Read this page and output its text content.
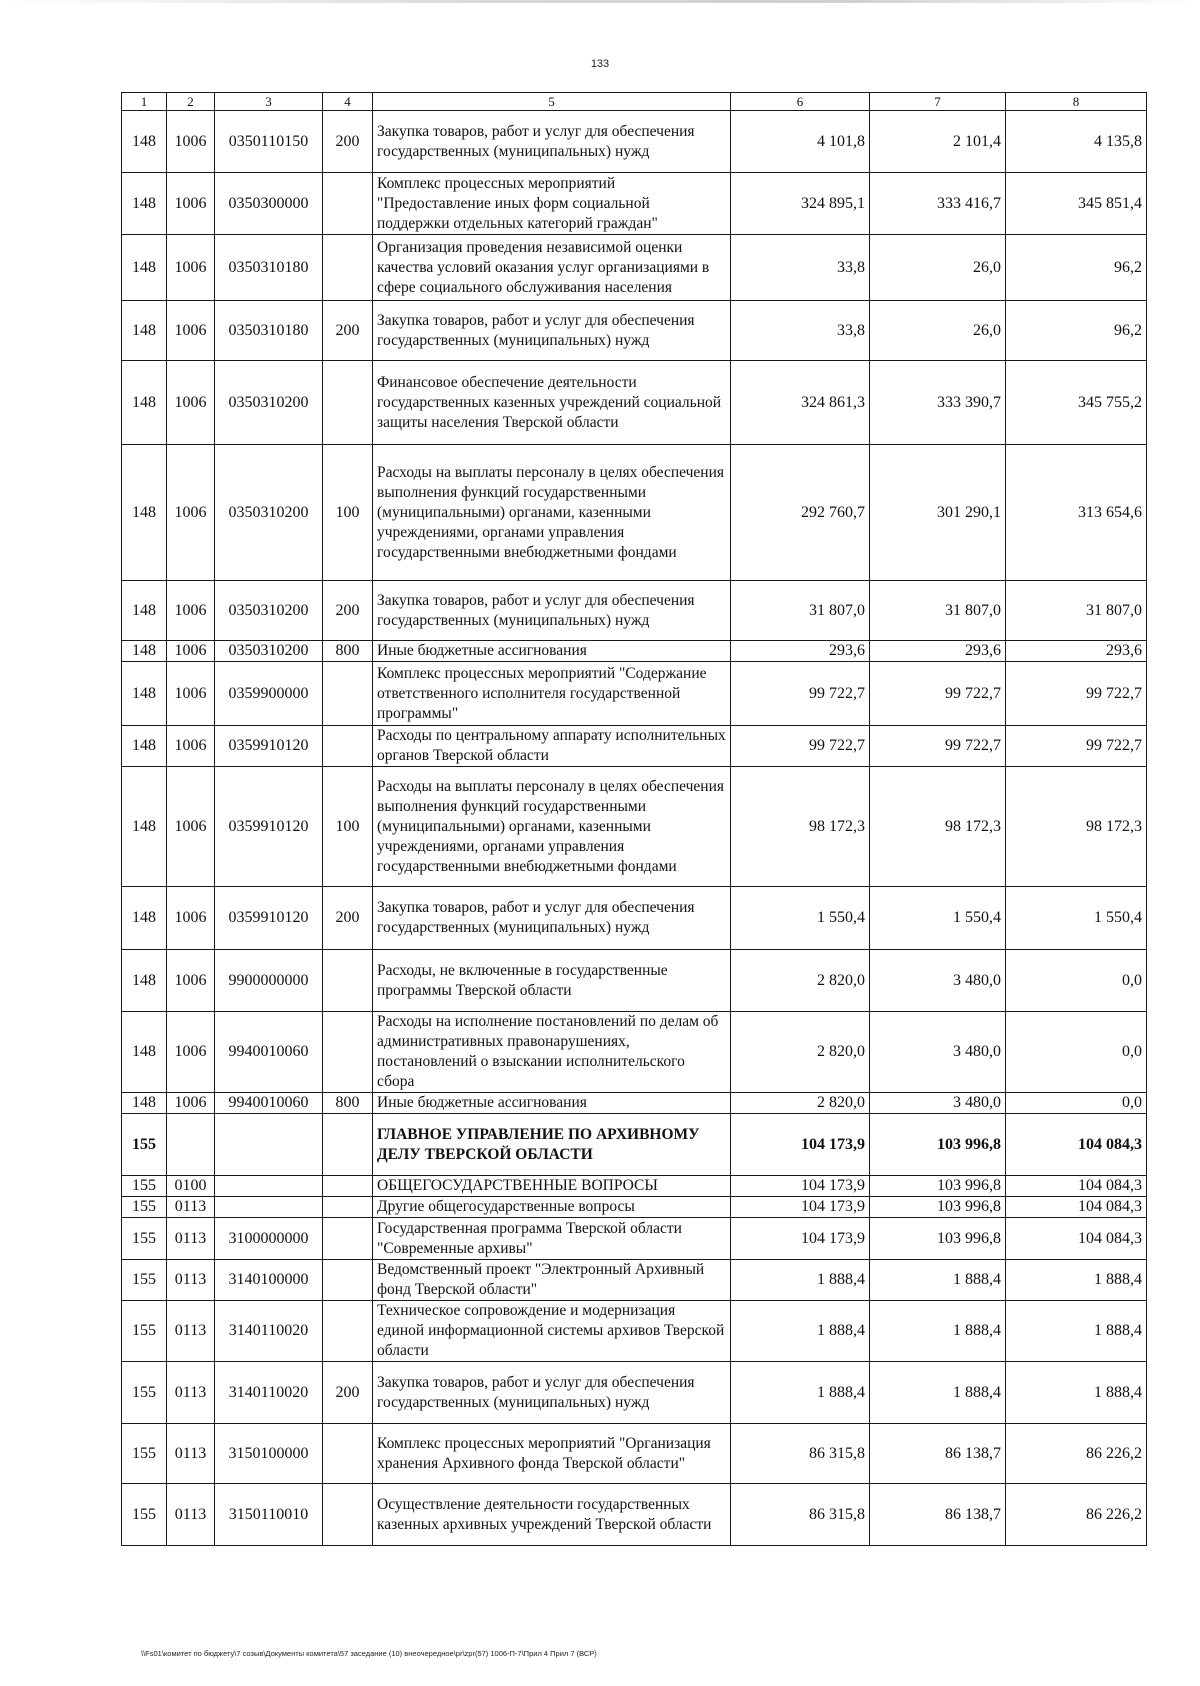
133
1	2	3	4	5	6	7	8
148	1006	0350110150	200	Закупка товаров, работ и услуг для обеспечения государственных (муниципальных) нужд	4 101,8	2 101,4	4 135,8
148	1006	0350300000		Комплекс процессных мероприятий "Предоставление иных форм социальной поддержки отдельных категорий граждан"	324 895,1	333 416,7	345 851,4
148	1006	0350310180		Организация проведения независимой оценки качества условий оказания услуг организациями в сфере социального обслуживания населения	33,8	26,0	96,2
148	1006	0350310180	200	Закупка товаров, работ и услуг для обеспечения государственных (муниципальных) нужд	33,8	26,0	96,2
148	1006	0350310200		Финансовое обеспечение деятельности государственных казенных учреждений социальной защиты населения Тверской области	324 861,3	333 390,7	345 755,2
148	1006	0350310200	100	Расходы на выплаты персоналу в целях обеспечения выполнения функций государственными (муниципальными) органами, казенными учреждениями, органами управления государственными внебюджетными фондами	292 760,7	301 290,1	313 654,6
148	1006	0350310200	200	Закупка товаров, работ и услуг для обеспечения государственных (муниципальных) нужд	31 807,0	31 807,0	31 807,0
148	1006	0350310200	800	Иные бюджетные ассигнования	293,6	293,6	293,6
148	1006	0359900000		Комплекс процессных мероприятий "Содержание ответственного исполнителя государственной программы"	99 722,7	99 722,7	99 722,7
148	1006	0359910120		Расходы по центральному аппарату исполнительных органов Тверской области	99 722,7	99 722,7	99 722,7
148	1006	0359910120	100	Расходы на выплаты персоналу в целях обеспечения выполнения функций государственными (муниципальными) органами, казенными учреждениями, органами управления государственными внебюджетными фондами	98 172,3	98 172,3	98 172,3
148	1006	0359910120	200	Закупка товаров, работ и услуг для обеспечения государственных (муниципальных) нужд	1 550,4	1 550,4	1 550,4
148	1006	9900000000		Расходы, не включенные в государственные программы Тверской области	2 820,0	3 480,0	0,0
148	1006	9940010060		Расходы на исполнение постановлений по делам об административных правонарушениях, постановлений о взыскании исполнительского сбора	2 820,0	3 480,0	0,0
148	1006	9940010060	800	Иные бюджетные ассигнования	2 820,0	3 480,0	0,0
155				ГЛАВНОЕ УПРАВЛЕНИЕ ПО АРХИВНОМУ ДЕЛУ ТВЕРСКОЙ ОБЛАСТИ	104 173,9	103 996,8	104 084,3
155	0100			ОБЩЕГОСУДАРСТВЕННЫЕ ВОПРОСЫ	104 173,9	103 996,8	104 084,3
155	0113			Другие общегосударственные вопросы	104 173,9	103 996,8	104 084,3
155	0113	3100000000		Государственная программа Тверской области "Современные архивы"	104 173,9	103 996,8	104 084,3
155	0113	3140100000		Ведомственный проект "Электронный Архивный фонд Тверской области"	1 888,4	1 888,4	1 888,4
155	0113	3140110020		Техническое сопровождение и модернизация единой информационной системы архивов Тверской области	1 888,4	1 888,4	1 888,4
155	0113	3140110020	200	Закупка товаров, работ и услуг для обеспечения государственных (муниципальных) нужд	1 888,4	1 888,4	1 888,4
155	0113	3150100000		Комплекс процессных мероприятий "Организация хранения Архивного фонда Тверской области"	86 315,8	86 138,7	86 226,2
155	0113	3150110010		Осуществление деятельности государственных казенных архивных учреждений Тверской области	86 315,8	86 138,7	86 226,2
\\Fs01\комитет по бюджету\7 созыв\Документы комитета\57 заседание (10) внеочередное\pr\zpr(57) 1006-П-7\Прил 4 Прил 7 (ВСР)
